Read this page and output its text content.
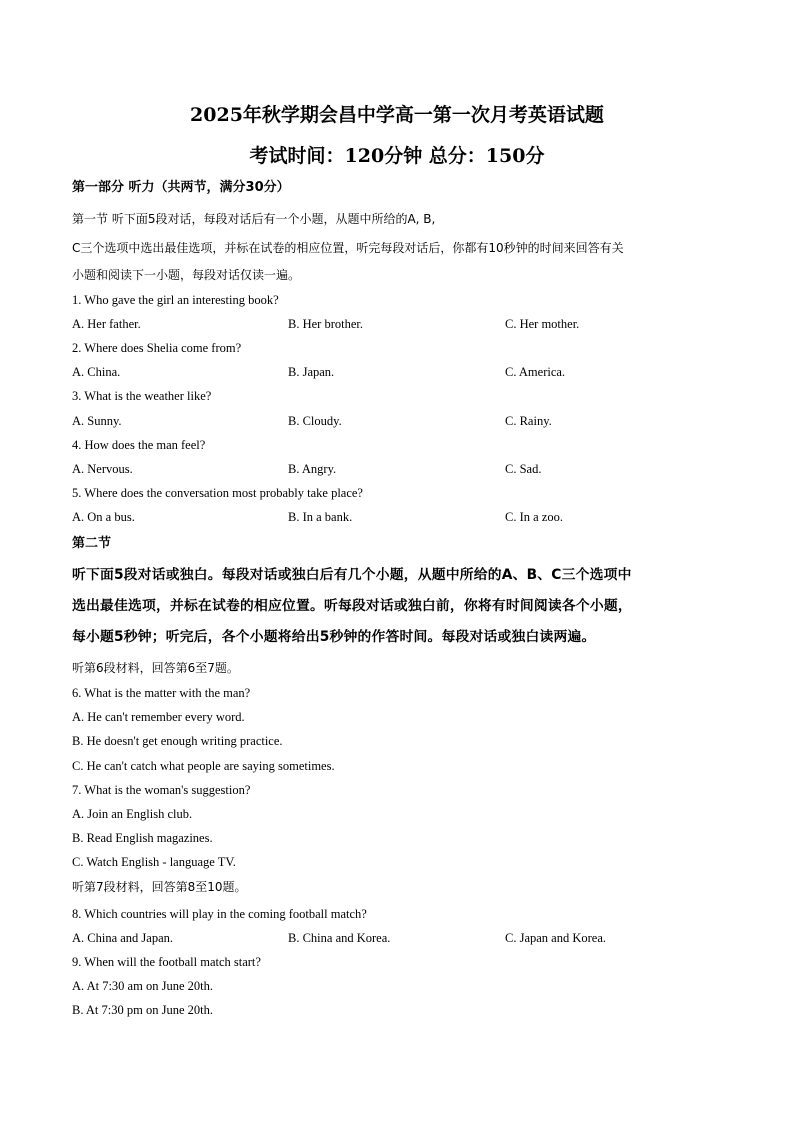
2025年秋学期会昌中学高一第一次月考英语试题
考试时间：120分钟 总分：150分
第一部分 听力（共两节，满分30分）
第一节 听下面5段对话，每段对话后有一个小题，从题中所给的A, B,
C三个选项中选出最佳选项，并标在试卷的相应位置，听完每段对话后，你都有10秒钟的时间来回答有关
小题和阅读下一小题，每段对话仅读一遍。
1. Who gave the girl an interesting book?
A. Her father.	B. Her brother.	C. Her mother.
2. Where does Shelia come from?
A. China.	B. Japan.	C. America.
3. What is the weather like?
A. Sunny.	B. Cloudy.	C. Rainy.
4. How does the man feel?
A. Nervous.	B. Angry.	C. Sad.
5. Where does the conversation most probably take place?
A. On a bus.	B. In a bank.	C. In a zoo.
第二节
听下面5段对话或独白。每段对话或独白后有几个小题，从题中所给的A、B、C三个选项中
选出最佳选项，并标在试卷的相应位置。听每段对话或独白前，你将有时间阅读各个小题，
每小题5秒钟；听完后，各个小题将给出5秒钟的作答时间。每段对话或独白读两遍。
听第6段材料，回答第6至7题。
6. What is the matter with the man?
A. He can't remember every word.
B. He doesn't get enough writing practice.
C. He can't catch what people are saying sometimes.
7. What is the woman's suggestion?
A. Join an English club.
B. Read English magazines.
C. Watch English - language TV.
听第7段材料，回答第8至10题。
8. Which countries will play in the coming football match?
A. China and Japan.	B. China and Korea.	C. Japan and Korea.
9. When will the football match start?
A. At 7:30 am on June 20th.
B. At 7:30 pm on June 20th.
